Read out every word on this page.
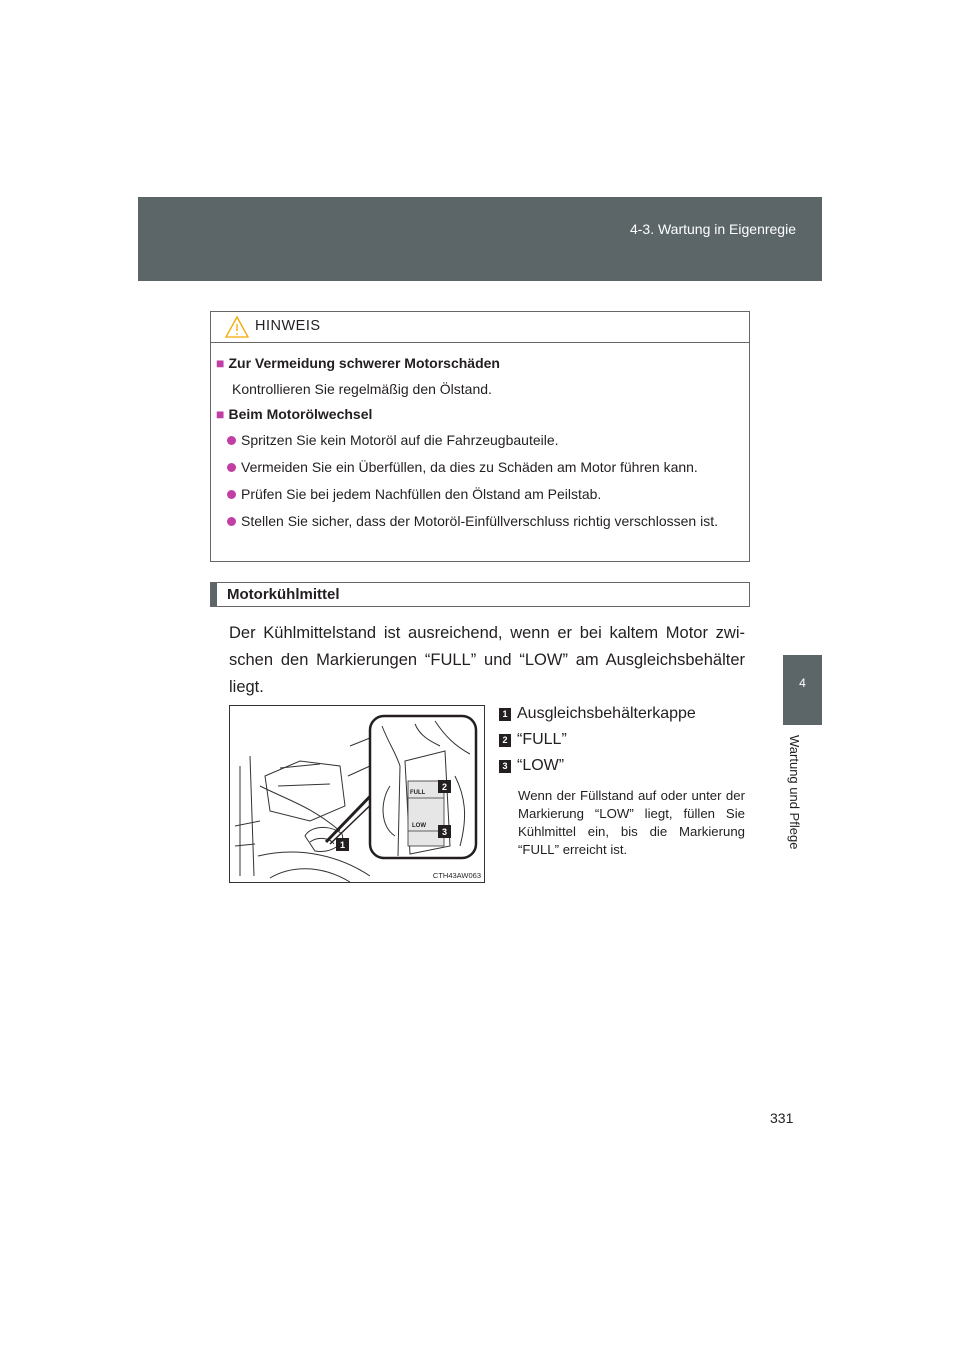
4-3. Wartung in Eigenregie
4
Wartung und Pflege
HINWEIS
■ Zur Vermeidung schwerer Motorschäden
Kontrollieren Sie regelmäßig den Ölstand.
■ Beim Motorölwechsel
Spritzen Sie kein Motoröl auf die Fahrzeugbauteile.
Vermeiden Sie ein Überfüllen, da dies zu Schäden am Motor führen kann.
Prüfen Sie bei jedem Nachfüllen den Ölstand am Peilstab.
Stellen Sie sicher, dass der Motoröl-Einfüllverschluss richtig verschlossen ist.
Motorkühlmittel
Der Kühlmittelstand ist ausreichend, wenn er bei kaltem Motor zwi-schen den Markierungen “FULL” und “LOW” am Ausgleichsbehälter liegt.
FULL
LOW
2
3
1
CTH43AW063
1 Ausgleichsbehälterkappe
2 “FULL”
3 “LOW”
Wenn der Füllstand auf oder unter der Markierung “LOW” liegt, füllen Sie Kühlmittel ein, bis die Markierung “FULL” erreicht ist.
331
